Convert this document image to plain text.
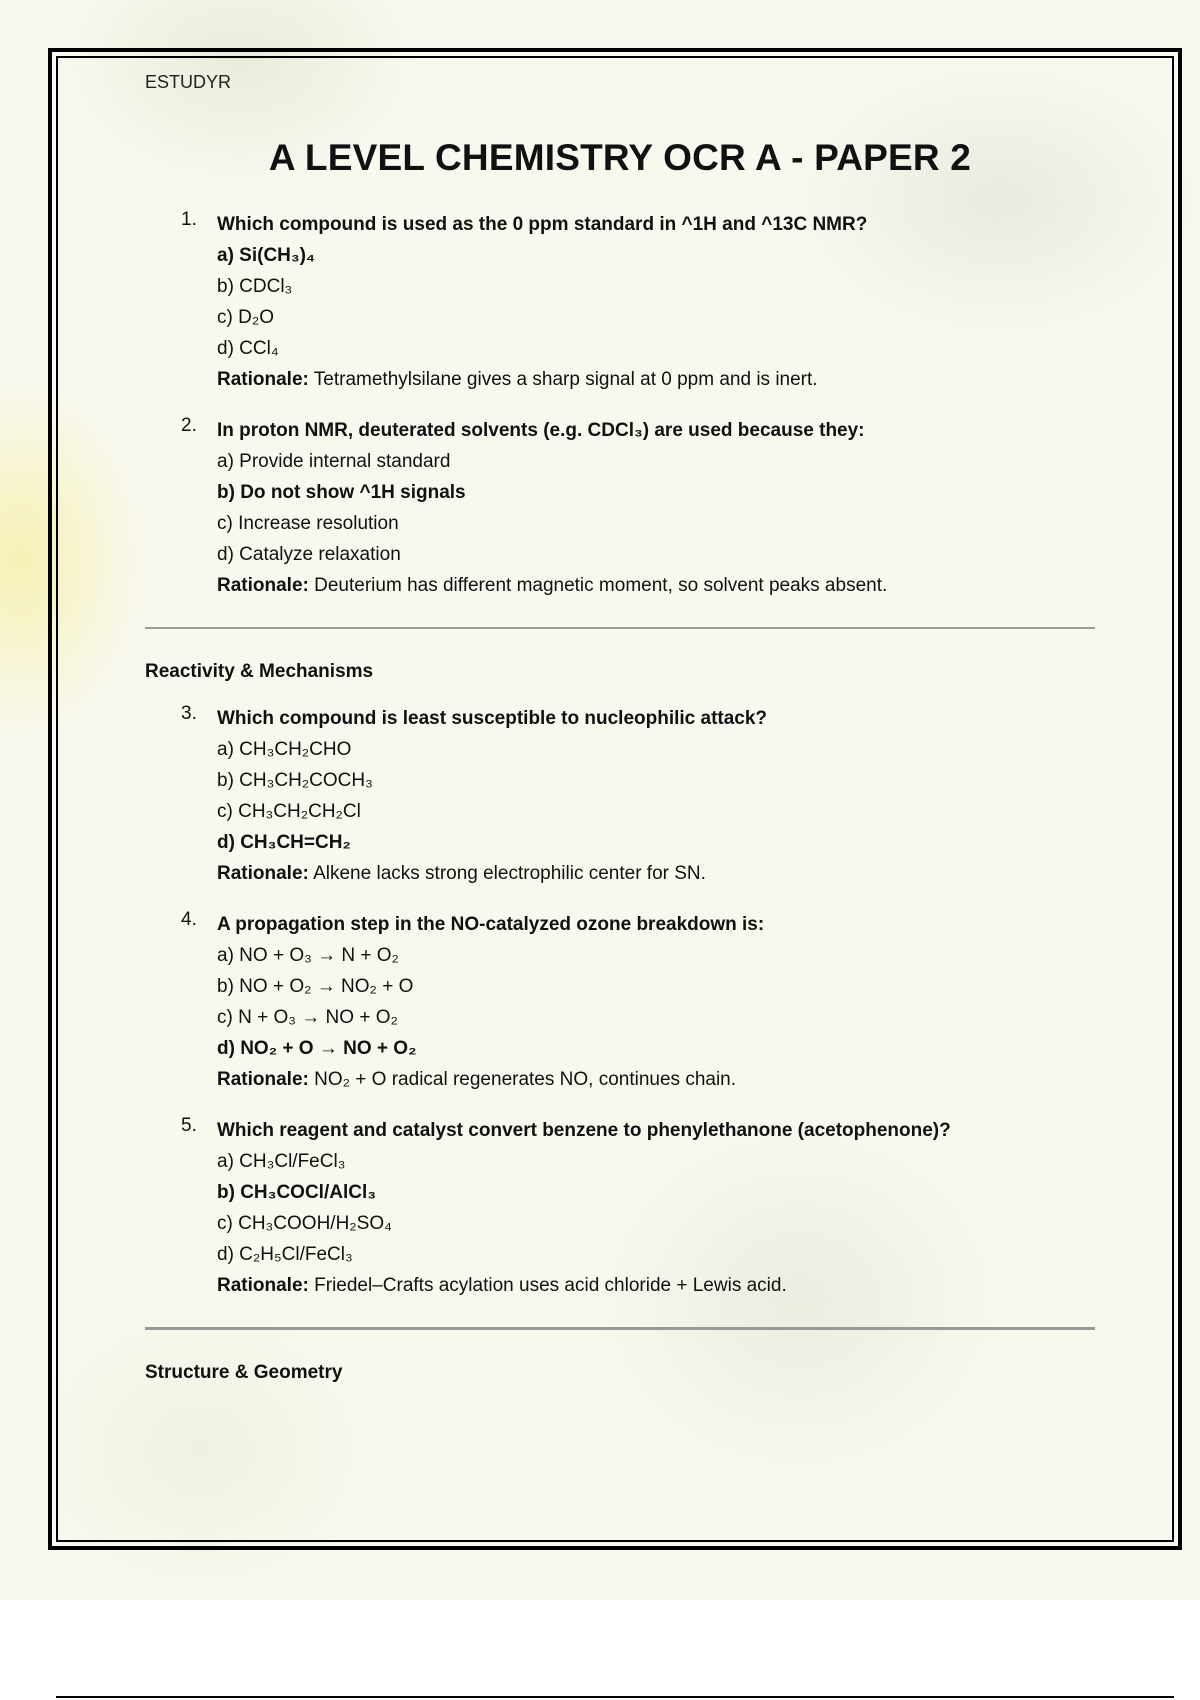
ESTUDYR
A LEVEL CHEMISTRY OCR A - PAPER 2
1. Which compound is used as the 0 ppm standard in ^1H and ^13C NMR?
a) Si(CH₃)₄
b) CDCl₃
c) D₂O
d) CCl₄
Rationale: Tetramethylsilane gives a sharp signal at 0 ppm and is inert.
2. In proton NMR, deuterated solvents (e.g. CDCl₃) are used because they:
a) Provide internal standard
b) Do not show ^1H signals
c) Increase resolution
d) Catalyze relaxation
Rationale: Deuterium has different magnetic moment, so solvent peaks absent.
Reactivity & Mechanisms
3. Which compound is least susceptible to nucleophilic attack?
a) CH₃CH₂CHO
b) CH₃CH₂COCH₃
c) CH₃CH₂CH₂Cl
d) CH₃CH=CH₂
Rationale: Alkene lacks strong electrophilic center for SN.
4. A propagation step in the NO-catalyzed ozone breakdown is:
a) NO + O₃ → N + O₂
b) NO + O₂ → NO₂ + O
c) N + O₃ → NO + O₂
d) NO₂ + O → NO + O₂
Rationale: NO₂ + O radical regenerates NO, continues chain.
5. Which reagent and catalyst convert benzene to phenylethanone (acetophenone)?
a) CH₃Cl/FeCl₃
b) CH₃COCl/AlCl₃
c) CH₃COOH/H₂SO₄
d) C₂H₅Cl/FeCl₃
Rationale: Friedel–Crafts acylation uses acid chloride + Lewis acid.
Structure & Geometry
